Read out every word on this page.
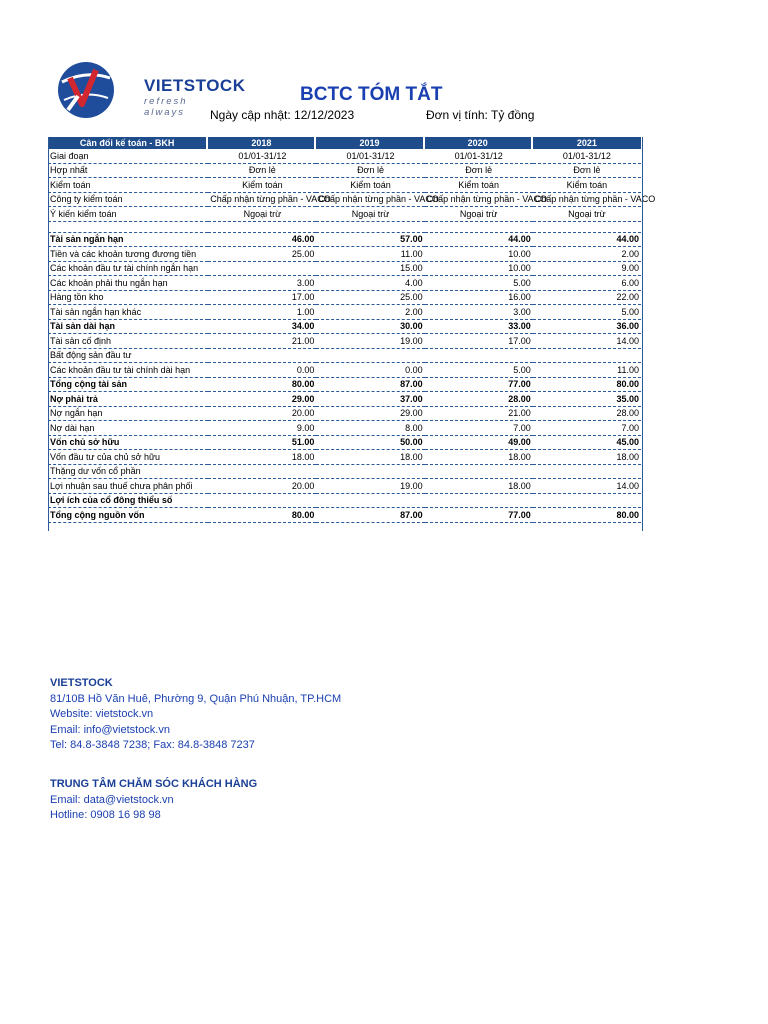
VIETSTOCK
refresh always
BCTC TÓM TẮT
Ngày cập nhật: 12/12/2023	Đơn vị tính: Tỷ đồng
Cân đối kế toán - BKH	2018	2019	2020	2021
Giai đoạn	01/01-31/12	01/01-31/12	01/01-31/12	01/01-31/12
Hợp nhất	Đơn lẻ	Đơn lẻ	Đơn lẻ	Đơn lẻ
Kiểm toán	Kiểm toán	Kiểm toán	Kiểm toán	Kiểm toán
Công ty kiểm toán	Chấp nhận từng phần - VACO	Chấp nhận từng phần - VACO	Chấp nhận từng phần - VACO	Chấp nhận từng phần - VACO
Ý kiến kiểm toán	Ngoại trừ	Ngoại trừ	Ngoại trừ	Ngoại trừ

Tài sản ngắn hạn	46.00	57.00	44.00	44.00
Tiền và các khoản tương đương tiền	25.00	11.00	10.00	2.00
Các khoản đầu tư tài chính ngắn hạn		15.00	10.00	9.00
Các khoản phải thu ngắn hạn	3.00	4.00	5.00	6.00
Hàng tồn kho	17.00	25.00	16.00	22.00
Tài sản ngắn hạn khác	1.00	2.00	3.00	5.00
Tài sản dài hạn	34.00	30.00	33.00	36.00
Tài sản cố định	21.00	19.00	17.00	14.00
Bất động sản đầu tư				
Các khoản đầu tư tài chính dài hạn	0.00	0.00	5.00	11.00
Tổng cộng tài sản	80.00	87.00	77.00	80.00
Nợ phải trả	29.00	37.00	28.00	35.00
Nợ ngắn hạn	20.00	29.00	21.00	28.00
Nợ dài hạn	9.00	8.00	7.00	7.00
Vốn chủ sở hữu	51.00	50.00	49.00	45.00
Vốn đầu tư của chủ sở hữu	18.00	18.00	18.00	18.00
Thặng dư vốn cổ phần				
Lợi nhuận sau thuế chưa phân phối	20.00	19.00	18.00	14.00
Lợi ích của cổ đông thiểu số				
Tổng cộng nguồn vốn	80.00	87.00	77.00	80.00
VIETSTOCK
81/10B Hồ Văn Huê, Phường 9, Quận Phú Nhuận, TP.HCM
Website: vietstock.vn
Email: info@vietstock.vn
Tel: 84.8-3848 7238; Fax: 84.8-3848 7237
TRUNG TÂM CHĂM SÓC KHÁCH HÀNG
Email: data@vietstock.vn
Hotline: 0908 16 98 98
